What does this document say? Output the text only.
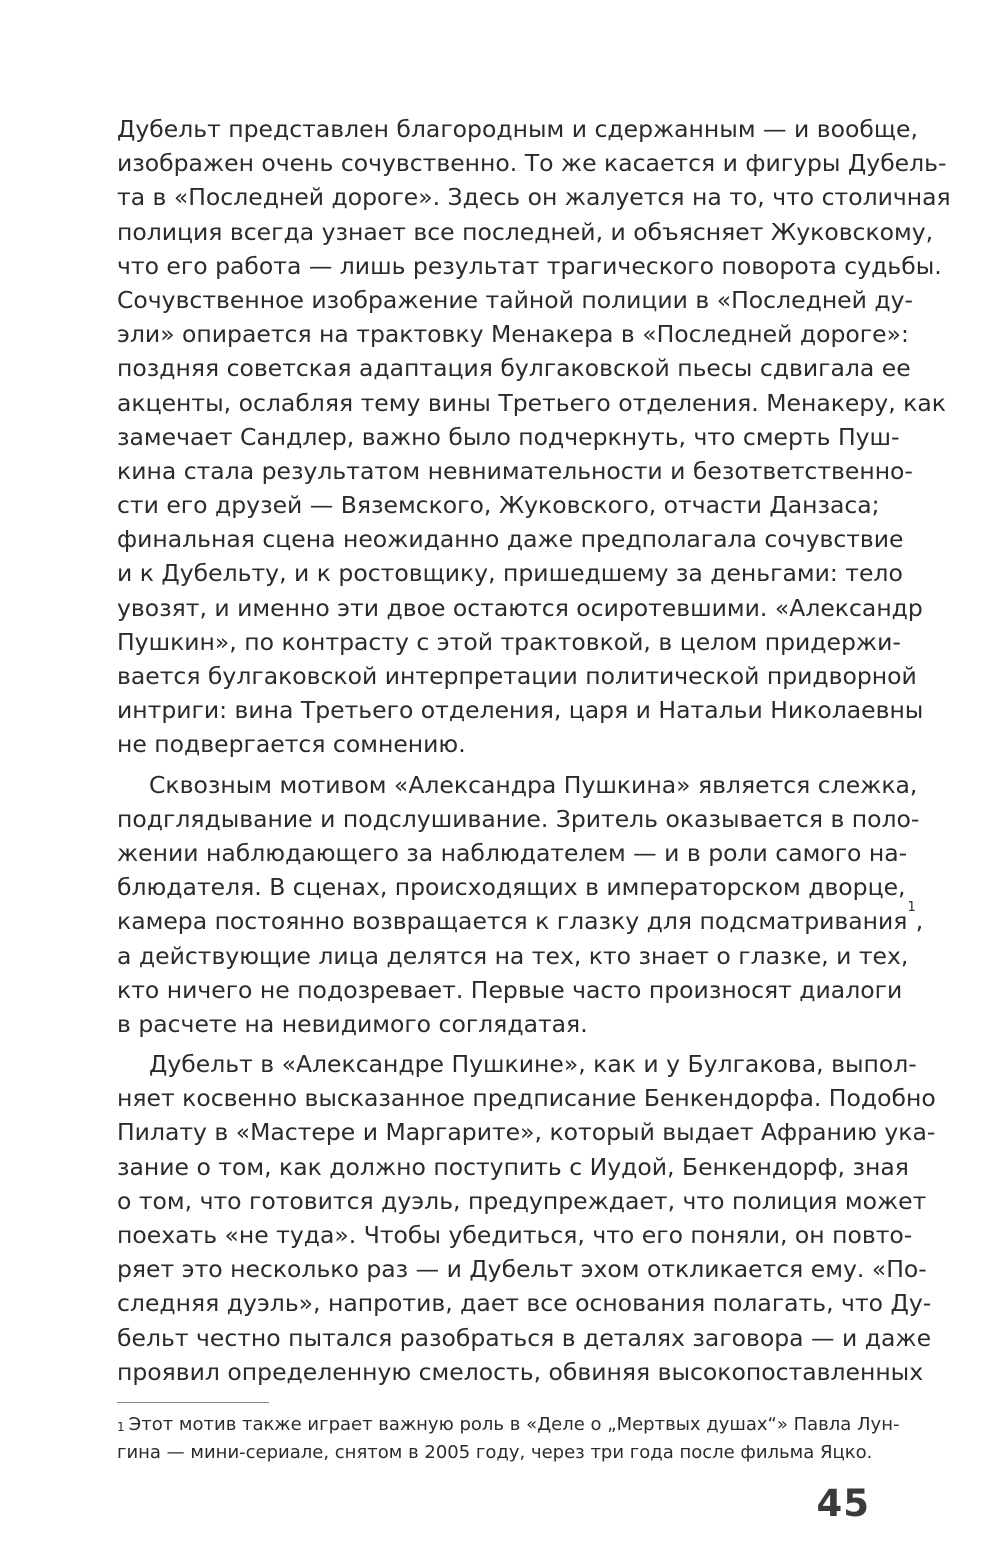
Дубельт представлен благородным и сдержанным — и вообще,
изображен очень сочувственно. То же касается и фигуры Дубель-
та в «Последней дороге». Здесь он жалуется на то, что столичная
полиция всегда узнает все последней, и объясняет Жуковскому,
что его работа — лишь результат трагического поворота судьбы.
Сочувственное изображение тайной полиции в «Последней ду-
эли» опирается на трактовку Менакера в «Последней дороге»:
поздняя советская адаптация булгаковской пьесы сдвигала ее
акценты, ослабляя тему вины Третьего отделения. Менакеру, как
замечает Сандлер, важно было подчеркнуть, что смерть Пуш-
кина стала результатом невнимательности и безответственно-
сти его друзей — Вяземского, Жуковского, отчасти Данзаса;
финальная сцена неожиданно даже предполагала сочувствие
и к Дубельту, и к ростовщику, пришедшему за деньгами: тело
увозят, и именно эти двое остаются осиротевшими. «Александр
Пушкин», по контрасту с этой трактовкой, в целом придержи-
вается булгаковской интерпретации политической придворной
интриги: вина Третьего отделения, царя и Натальи Николаевны
не подвергается сомнению.
Сквозным мотивом «Александра Пушкина» является слежка,
подглядывание и подслушивание. Зритель оказывается в поло-
жении наблюдающего за наблюдателем — и в роли самого на-
блюдателя. В сценах, происходящих в императорском дворце,
камера постоянно возвращается к глазку для подсматривания$^1$,
а действующие лица делятся на тех, кто знает о глазке, и тех,
кто ничего не подозревает. Первые часто произносят диалоги
в расчете на невидимого соглядатая.
Дубельт в «Александре Пушкине», как и у Булгакова, выпол-
няет косвенно высказанное предписание Бенкендорфа. Подобно
Пилату в «Мастере и Маргарите», который выдает Афранию ука-
зание о том, как должно поступить с Иудой, Бенкендорф, зная
о том, что готовится дуэль, предупреждает, что полиция может
поехать «не туда». Чтобы убедиться, что его поняли, он повто-
ряет это несколько раз — и Дубельт эхом откликается ему. «По-
следняя дуэль», напротив, дает все основания полагать, что Ду-
бельт честно пытался разобраться в деталях заговора — и даже
проявил определенную смелость, обвиняя высокопоставленных
$^1$ Этот мотив также играет важную роль в «Деле о „Мертвых душах“» Павла Лун-
гина — мини-сериале, снятом в 2005 году, через три года после фильма Яцко.
45
